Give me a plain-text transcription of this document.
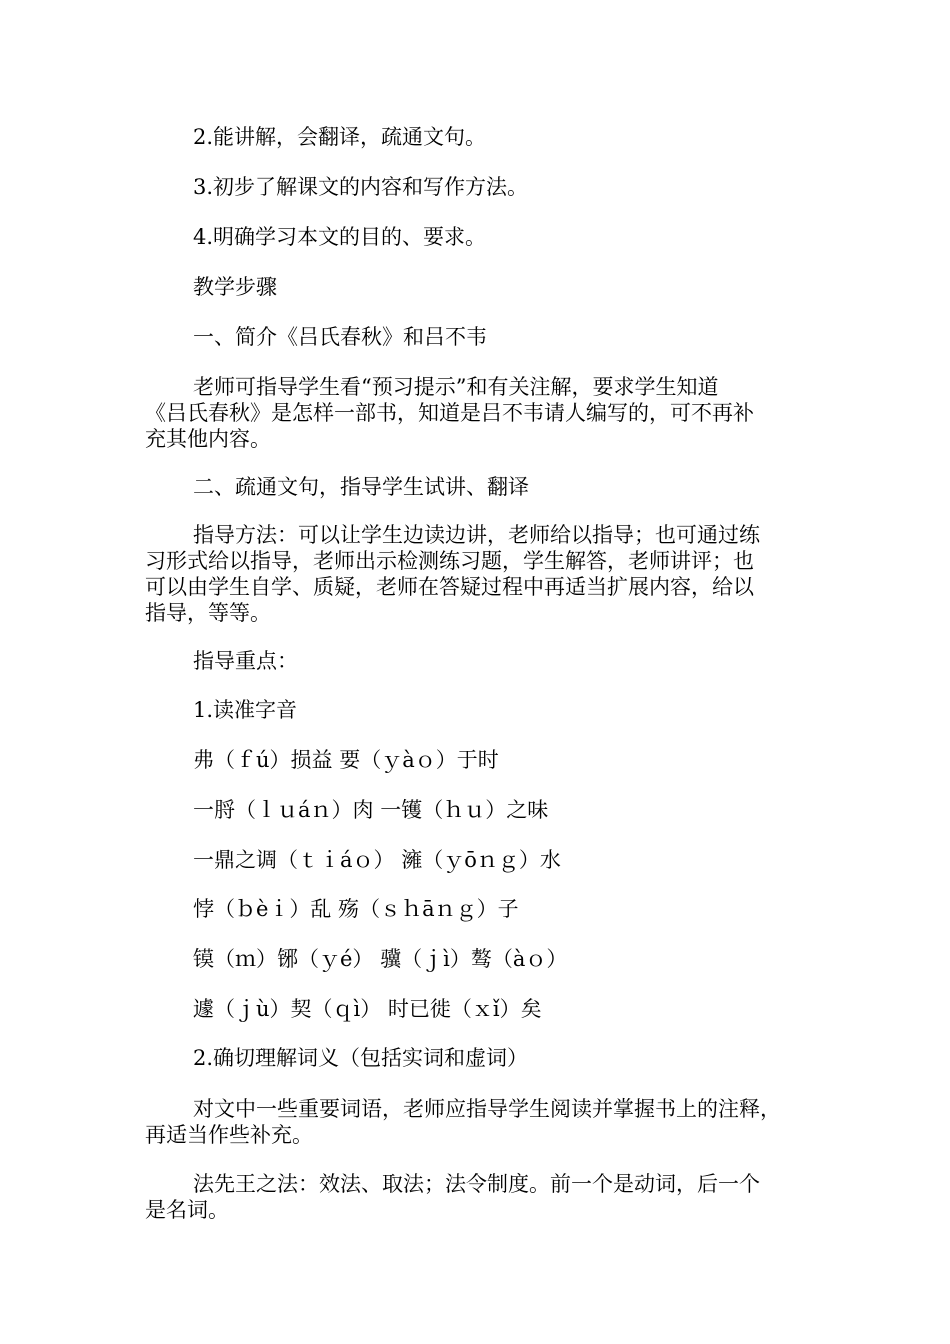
2.能讲解，会翻译，疏通文句。
3.初步了解课文的内容和写作方法。
4.明确学习本文的目的、要求。
教学步骤
一、简介《吕氏春秋》和吕不韦
老师可指导学生看“预习提示”和有关注解，要求学生知道
《吕氏春秋》是怎样一部书，知道是吕不韦请人编写的，可不再补
充其他内容。
二、疏通文句，指导学生试讲、翻译
指导方法：可以让学生边读边讲，老师给以指导；也可通过练
习形式给以指导，老师出示检测练习题，学生解答，老师讲评；也
可以由学生自学、质疑，老师在答疑过程中再适当扩展内容，给以
指导，等等。
指导重点：
1.读准字音
弗（ｆú）损益 要（ｙàｏ）于时
一脟（ｌｕáｎ）肉 一镬（ｈｕ）之味
一鼎之调（ｔｉáｏ） 澭（ｙōｎｇ）水
悖（ｂèｉ）乱 殇（ｓｈāｎｇ）子
镆（ｍ）铘（ｙé） 骥（ｊì）骜（àｏ）
遽（ｊù）契（ｑì） 时已徙（ｘǐ）矣
2.确切理解词义（包括实词和虚词）
对文中一些重要词语，老师应指导学生阅读并掌握书上的注释，
再适当作些补充。
法先王之法：效法、取法；法令制度。前一个是动词，后一个
是名词。
